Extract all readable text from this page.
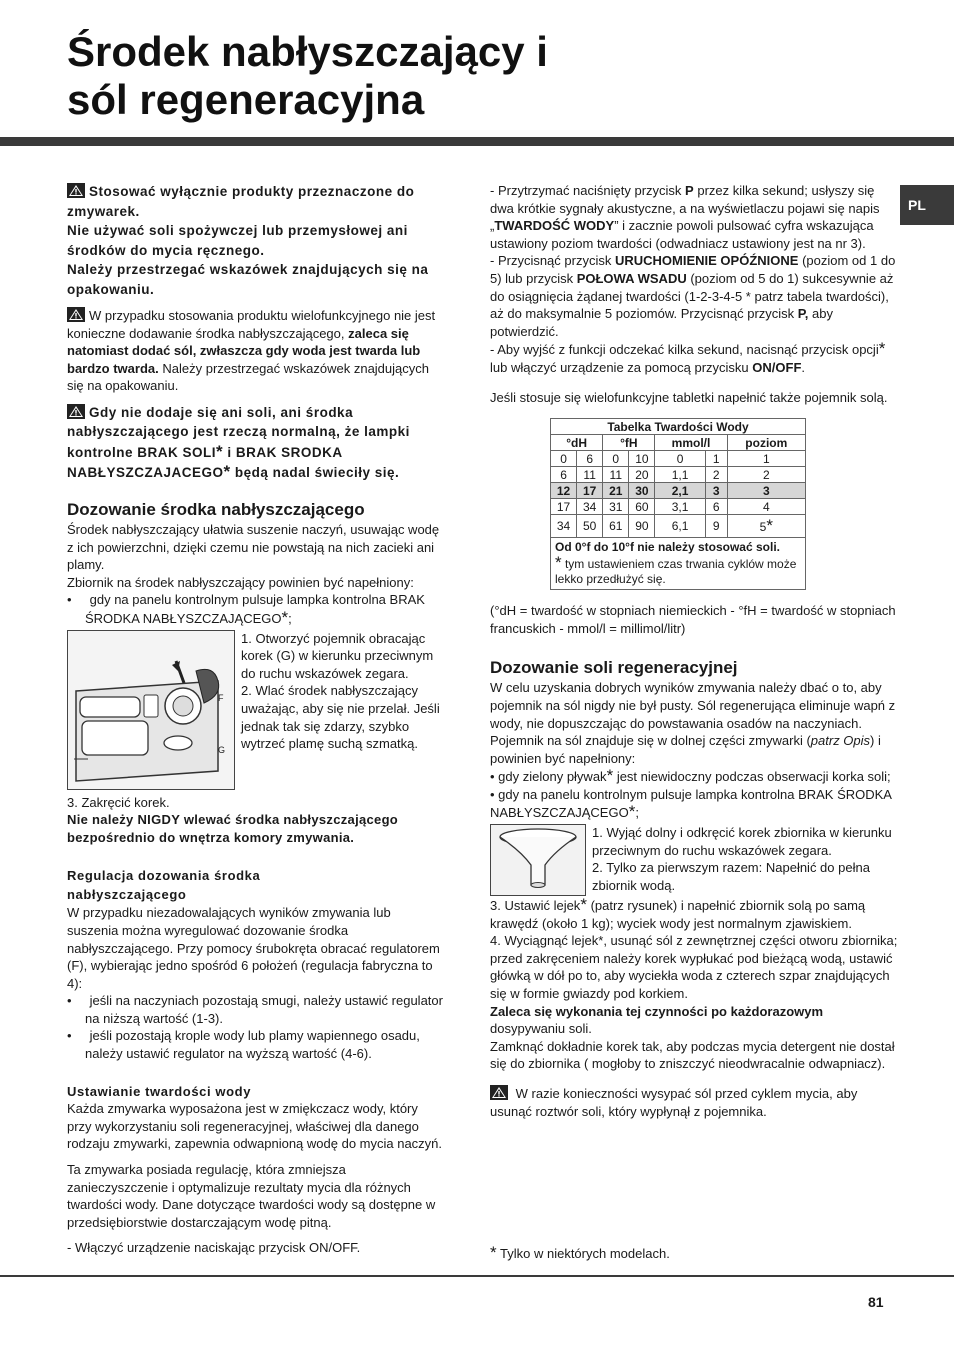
Środek nabłyszczający i
sól regeneracyjna
PL

Stosować wyłącznie produkty przeznaczone do zmywarek.
Nie używać soli spożywczej lub przemysłowej ani środków do mycia ręcznego.
Należy przestrzegać wskazówek znajdujących się na opakowaniu.

W przypadku stosowania produktu wielofunkcyjnego nie jest konieczne dodawanie środka nabłyszczającego, zaleca się natomiast dodać sól, zwłaszcza gdy woda jest twarda lub bardzo twarda. Należy przestrzegać wskazówek znajdujących się na opakowaniu.

Gdy nie dodaje się ani soli, ani środka nabłyszczającego jest rzeczą normalną, że lampki kontrolne BRAK SOLI* i BRAK SRODKA NABŁYSZCZAJACEGO* będą nadal świeciły się.

Dozowanie środka nabłyszczającego

Środek nabłyszczający ułatwia suszenie naczyń, usuwając wodę z ich powierzchni, dzięki czemu nie powstają na nich zacieki ani plamy.

Zbiornik na środek nabłyszczający powinien być napełniony:

•     gdy na panelu kontrolnym pulsuje lampka kontrolna BRAK ŚRODKA NABŁYSZCZAJĄCEGO*;

F
G

1. Otworzyć pojemnik obracając korek (G) w kierunku przeciwnym do ruchu wskazówek zegara.

2. Wlać środek nabłyszczający uważając, aby się nie przelał. Jeśli jednak tak się zdarzy, szybko wytrzeć plamę suchą szmatką.

3. Zakręcić korek.

Nie należy NIGDY wlewać środka nabłyszczającego bezpośrednio do wnętrza komory zmywania.

Regulacja dozowania środka nabłyszczającego

W przypadku niezadowalających wyników zmywania lub suszenia można wyregulować dozowanie środka nabłyszczającego. Przy pomocy śrubokręta obracać regulatorem (F), wybierając jedno spośród 6 położeń (regulacja fabryczna to 4):

•     jeśli na naczyniach pozostają smugi, należy ustawić regulator na niższą wartość (1-3).

•     jeśli pozostają krople wody lub plamy wapiennego osadu, należy ustawić regulator na wyższą wartość (4-6).

Ustawianie twardości wody

Każda zmywarka wyposażona jest w zmiękczacz wody, który przy wykorzystaniu soli regeneracyjnej, właściwej dla danego rodzaju zmywarki, zapewnia odwapnioną wodę do mycia naczyń.

Ta zmywarka posiada regulację, która zmniejsza zanieczyszczenie i optymalizuje rezultaty mycia dla różnych twardości wody. Dane dotyczące twardości wody są dostępne w przedsiębiorstwie dostarczającym wodę pitną.

- Włączyć urządzenie naciskając przycisk ON/OFF.

- Przytrzymać naciśnięty przycisk P przez kilka sekund; usłyszy się dwa krótkie sygnały akustyczne, a na wyświetlaczu pojawi się napis „TWARDOŚĆ WODY” i zacznie powoli pulsować cyfra wskazująca ustawiony poziom twardości (odwadniacz ustawiony jest na nr 3).

- Przycisnąć przycisk URUCHOMIENIE OPÓŹNIONE (poziom od 1 do 5) lub przycisk POŁOWA WSADU (poziom od 5 do 1) sukcesywnie aż do osiągnięcia żądanej twardości (1-2-3-4-5 * patrz tabela twardości), aż do maksymalnie 5 poziomów. Przycisnąć przycisk P, aby potwierdzić.

- Aby wyjść z funkcji odczekać kilka sekund, nacisnąć przycisk opcji* lub włączyć urządzenie za pomocą przycisku ON/OFF.

Jeśli stosuje się wielofunkcyjne tabletki napełnić także pojemnik solą.

Tabelka Twardości Wody						
°dH		°fH		mmol/l		poziom
0	6	0	10	0	1	1
6	11	11	20	1,1	2	2
12	17	21	30	2,1	3	3
17	34	31	60	3,1	6	4
34	50	61	90	6,1	9	5*
Od 0°f do 10°f nie należy stosować soli.
* tym ustawieniem czas trwania cyklów może lekko przedłużyć się.						

(°dH = twardość w stopniach niemieckich - °fH = twardość w stopniach francuskich - mmol/l = millimol/litr)

Dozowanie soli regeneracyjnej

W celu uzyskania dobrych wyników zmywania należy dbać o to, aby pojemnik na sól nigdy nie był pusty. Sól regenerująca eliminuje wapń z wody, nie dopuszczając do powstawania osadów na naczyniach.

Pojemnik na sól znajduje się w dolnej części zmywarki (patrz Opis) i powinien być napełniony:

• gdy zielony pływak* jest niewidoczny podczas obserwacji korka soli;

• gdy na panelu kontrolnym pulsuje lampka kontrolna BRAK ŚRODKA NABŁYSZCZAJĄCEGO*;

1. Wyjąć dolny i odkręcić korek zbiornika w kierunku przeciwnym do ruchu wskazówek zegara.

2. Tylko za pierwszym razem: Napełnić do pełna zbiornik wodą.

3. Ustawić lejek* (patrz rysunek) i napełnić zbiornik solą po samą krawędź (około 1 kg); wyciek wody jest normalnym zjawiskiem.

4. Wyciągnąć lejek*, usunąć sól z zewnętrznej części otworu zbiornika; przed zakręceniem należy korek wypłukać pod bieżącą wodą, ustawić główką w dół po to, aby wyciekła woda z czterech szpar znajdujących się w formie gwiazdy pod korkiem.

Zaleca się wykonania tej czynności po każdorazowym dosypywaniu soli.

Zamknąć dokładnie korek tak, aby podczas mycia detergent nie dostał się do zbiornika ( mogłoby to zniszczyć nieodwracalnie odwapniacz).

W razie konieczności wysypać sól przed cyklem mycia, aby usunąć roztwór soli, który wypłynął z pojemnika.

* Tylko w niektórych modelach.
81
